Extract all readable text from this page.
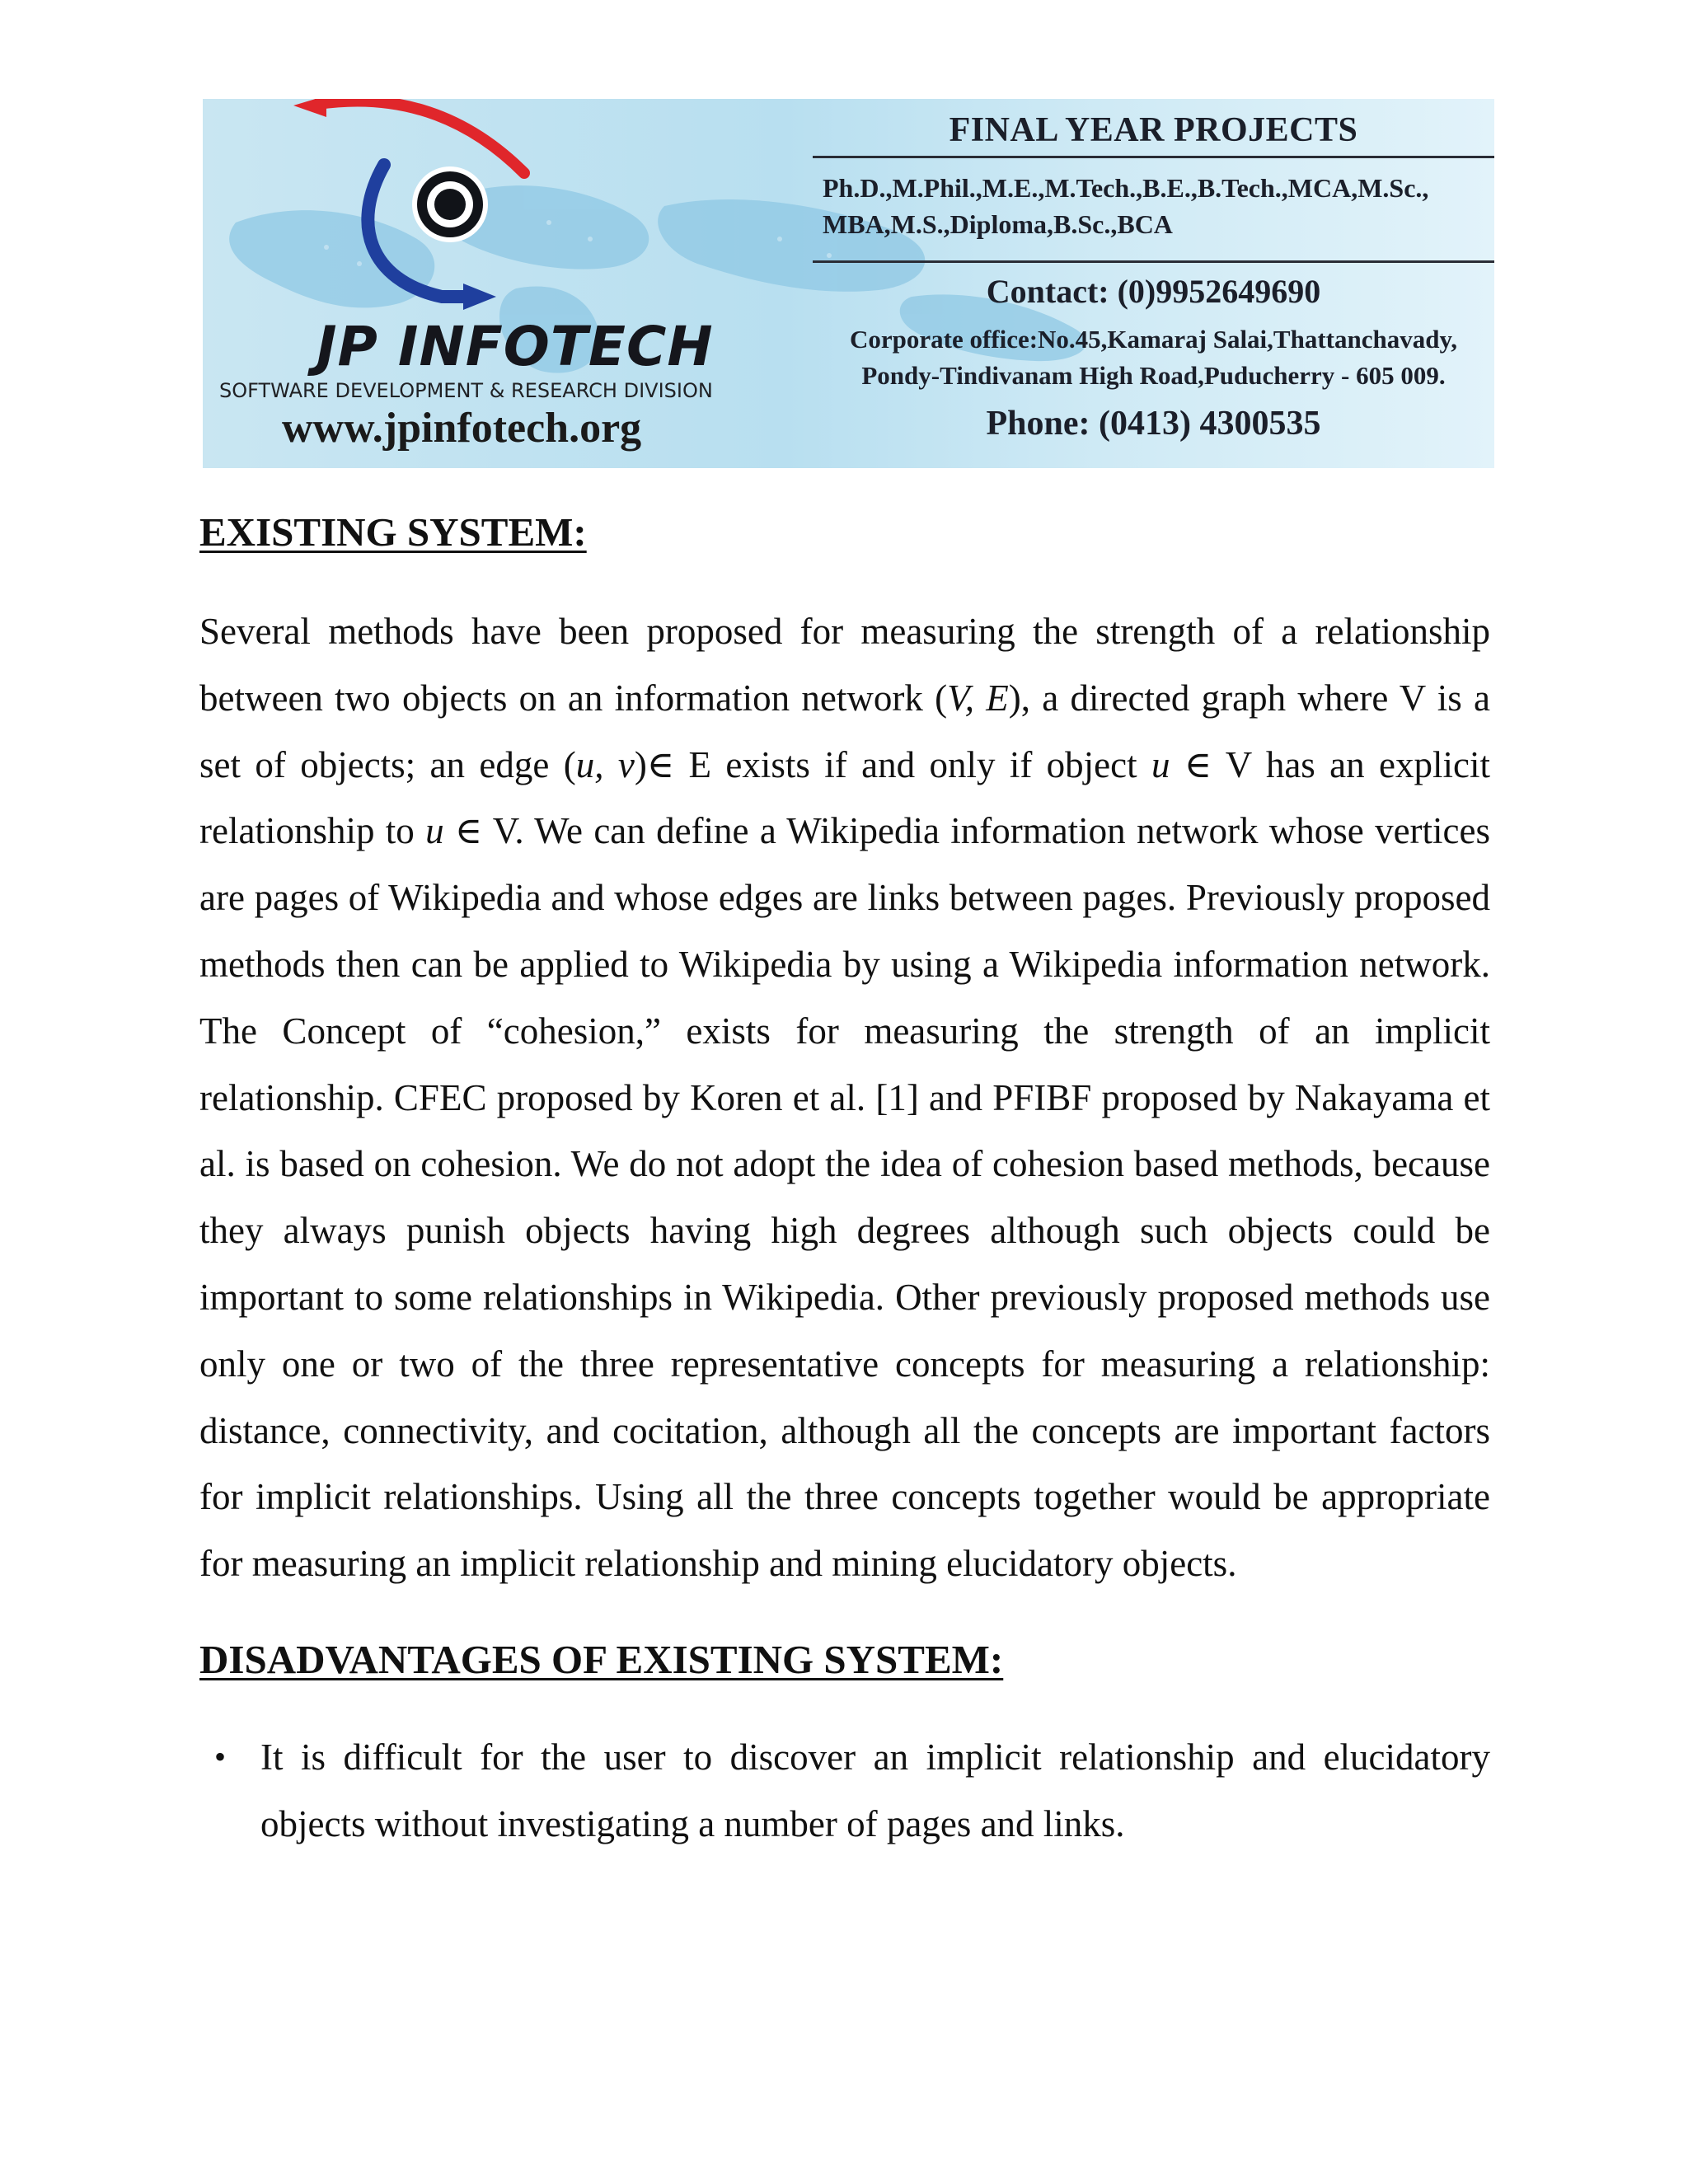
JP INFOTECH
SOFTWARE DEVELOPMENT & RESEARCH DIVISION
www.jpinfotech.org
FINAL YEAR PROJECTS
Ph.D.,M.Phil.,M.E.,M.Tech.,B.E.,B.Tech.,MCA,M.Sc.,
MBA,M.S.,Diploma,B.Sc.,BCA
Contact: (0)9952649690
Corporate office:No.45,Kamaraj Salai,Thattanchavady,
Pondy-Tindivanam High Road,Puducherry - 605 009.
Phone: (0413) 4300535
EXISTING SYSTEM:

Several methods have been proposed for measuring the strength of a relationship between two objects on an information network (V, E), a directed graph where V is a set of objects; an edge (u, v)∈ E exists if and only if object u ∈ V has an explicit relationship to u ∈ V. We can define a Wikipedia information network whose vertices are pages of Wikipedia and whose edges are links between pages. Previously proposed methods then can be applied to Wikipedia by using a Wikipedia information network. The Concept of “cohesion,” exists for measuring the strength of an implicit relationship. CFEC proposed by Koren et al. [1] and PFIBF proposed by Nakayama et al. is based on cohesion. We do not adopt the idea of cohesion based methods, because they always punish objects having high degrees although such objects could be important to some relationships in Wikipedia. Other previously proposed methods use only one or two of the three representative concepts for measuring a relationship: distance, connectivity, and cocitation, although all the concepts are important factors for implicit relationships. Using all the three concepts together would be appropriate for measuring an implicit relationship and mining elucidatory objects.

DISADVANTAGES OF EXISTING SYSTEM:
• It is difficult for the user to discover an implicit relationship and elucidatory objects without investigating a number of pages and links.
